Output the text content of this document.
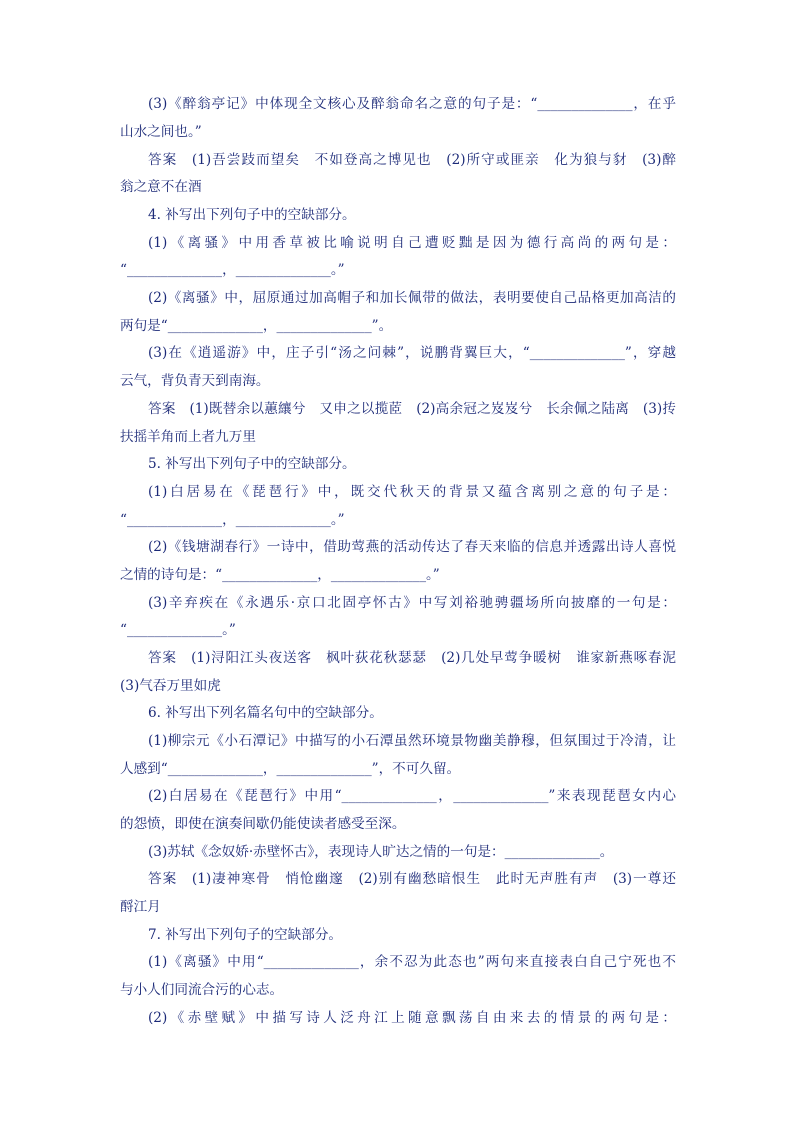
(3)《醉翁亭记》中体现全文核心及醉翁命名之意的句子是：“______________，在乎
山水之间也。”
答案　(1)吾尝跂而望矣　不如登高之博见也　(2)所守或匪亲　化为狼与豺　(3)醉
翁之意不在酒
4. 补写出下列句子中的空缺部分。
(1)《离骚》中用香草被比喻说明自己遭贬黜是因为德行高尚的两句是：
“______________，______________。”
(2)《离骚》中，屈原通过加高帽子和加长佩带的做法，表明要使自己品格更加高洁的
两句是“______________，______________”。
(3)在《逍遥游》中，庄子引“汤之问棘”，说鹏背翼巨大，“______________”，穿越
云气，背负青天到南海。
答案　(1)既替余以蕙纕兮　又申之以揽茝　(2)高余冠之岌岌兮　长余佩之陆离　(3)抟
扶摇羊角而上者九万里
5. 补写出下列句子中的空缺部分。
(1)白居易在《琵琶行》中，既交代秋天的背景又蕴含离别之意的句子是：
“______________，______________。”
(2)《钱塘湖春行》一诗中，借助莺燕的活动传达了春天来临的信息并透露出诗人喜悦
之情的诗句是：“______________，______________。”
(3)辛弃疾在《永遇乐·京口北固亭怀古》中写刘裕驰骋疆场所向披靡的一句是：
“______________。”
答案　(1)浔阳江头夜送客　枫叶荻花秋瑟瑟　(2)几处早莺争暖树　谁家新燕啄春泥
(3)气吞万里如虎
6. 补写出下列名篇名句中的空缺部分。
(1)柳宗元《小石潭记》中描写的小石潭虽然环境景物幽美静穆，但氛围过于冷清，让
人感到“______________，______________”，不可久留。
(2)白居易在《琵琶行》中用“______________，______________”来表现琵琶女内心
的怨愤，即使在演奏间歇仍能使读者感受至深。
(3)苏轼《念奴娇·赤壁怀古》，表现诗人旷达之情的一句是：______________。
答案　(1)凄神寒骨　悄怆幽邃　(2)别有幽愁暗恨生　此时无声胜有声　(3)一尊还
酹江月
7. 补写出下列句子的空缺部分。
(1)《离骚》中用“______________，余不忍为此态也”两句来直接表白自己宁死也不
与小人们同流合污的心志。
(2)《赤壁赋》中描写诗人泛舟江上随意飘荡自由来去的情景的两句是：
